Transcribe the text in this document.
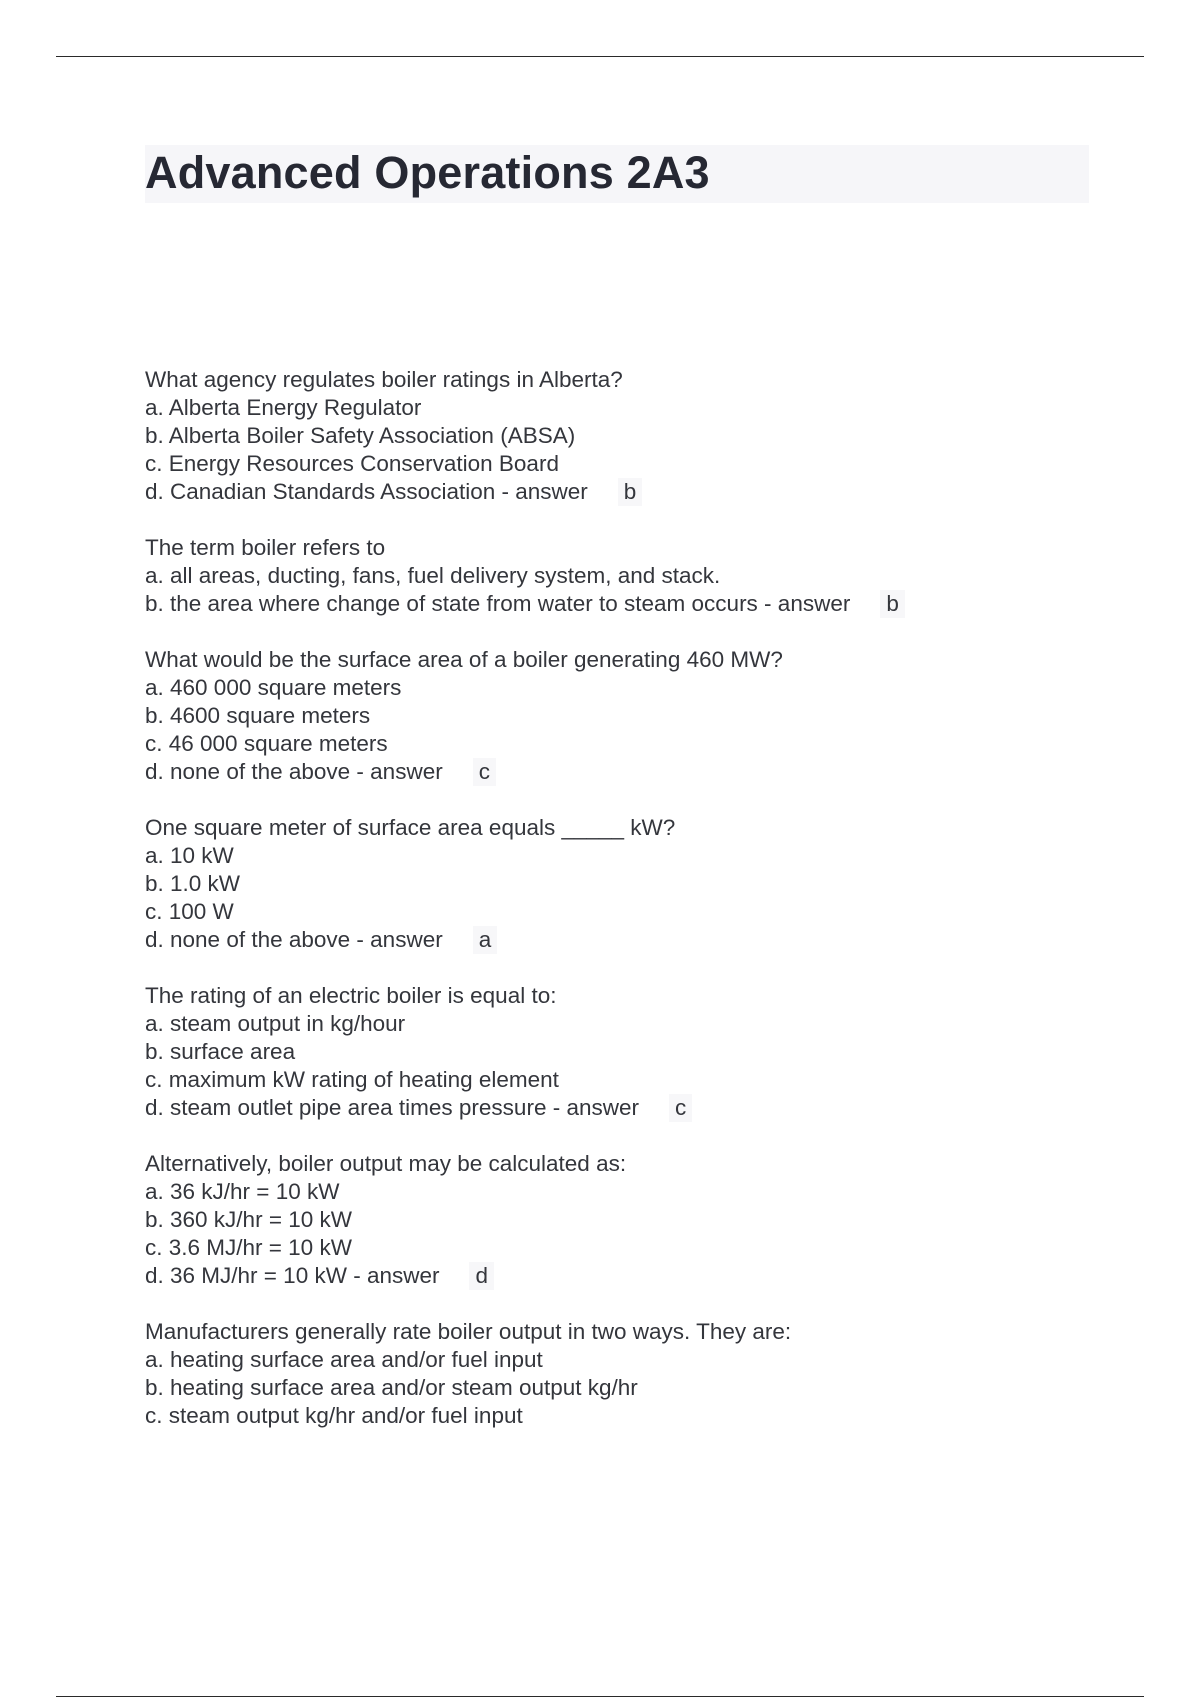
Advanced Operations 2A3
What agency regulates boiler ratings in Alberta?
a. Alberta Energy Regulator
b. Alberta Boiler Safety Association (ABSA)
c. Energy Resources Conservation Board
d. Canadian Standards Association - answer b
The term boiler refers to
a. all areas, ducting, fans, fuel delivery system, and stack.
b. the area where change of state from water to steam occurs - answer b
What would be the surface area of a boiler generating 460 MW?
a. 460 000 square meters
b. 4600 square meters
c. 46 000 square meters
d. none of the above - answer c
One square meter of surface area equals _____ kW?
a. 10 kW
b. 1.0 kW
c. 100 W
d. none of the above - answer a
The rating of an electric boiler is equal to:
a. steam output in kg/hour
b. surface area
c. maximum kW rating of heating element
d. steam outlet pipe area times pressure - answer c
Alternatively, boiler output may be calculated as:
a. 36 kJ/hr = 10 kW
b. 360 kJ/hr = 10 kW
c. 3.6 MJ/hr = 10 kW
d. 36 MJ/hr = 10 kW - answer d
Manufacturers generally rate boiler output in two ways. They are:
a. heating surface area and/or fuel input
b. heating surface area and/or steam output kg/hr
c. steam output kg/hr and/or fuel input
